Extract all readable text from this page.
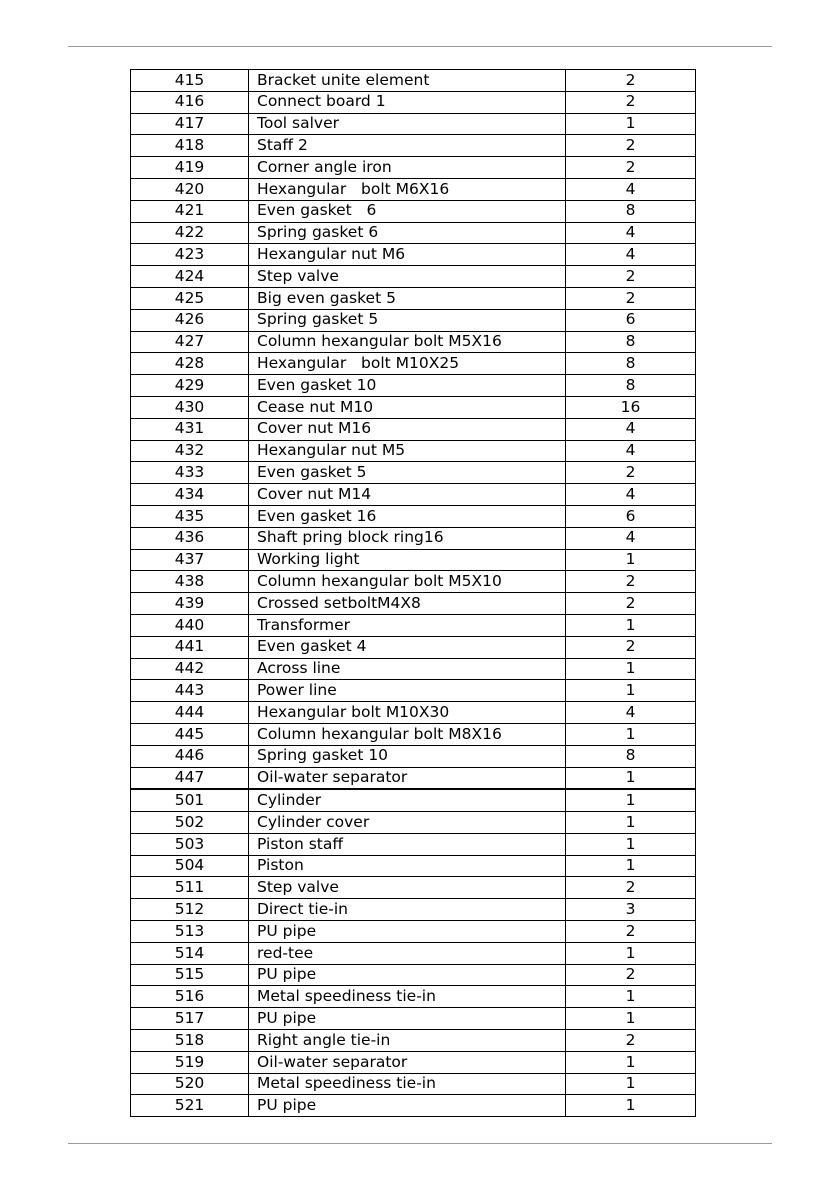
415	Bracket unite element	2
416	Connect board 1	2
417	Tool salver	1
418	Staff 2	2
419	Corner angle iron	2
420	Hexangular   bolt M6X16	4
421	Even gasket   6	8
422	Spring gasket 6	4
423	Hexangular nut M6	4
424	Step valve	2
425	Big even gasket 5	2
426	Spring gasket 5	6
427	Column hexangular bolt M5X16	8
428	Hexangular   bolt M10X25	8
429	Even gasket 10	8
430	Cease nut M10	16
431	Cover nut M16	4
432	Hexangular nut M5	4
433	Even gasket 5	2
434	Cover nut M14	4
435	Even gasket 16	6
436	Shaft pring block ring16	4
437	Working light	1
438	Column hexangular bolt M5X10	2
439	Crossed setboltM4X8	2
440	Transformer	1
441	Even gasket 4	2
442	Across line	1
443	Power line	1
444	Hexangular bolt M10X30	4
445	Column hexangular bolt M8X16	1
446	Spring gasket 10	8
447	Oil-water separator	1
501	Cylinder	1
502	Cylinder cover	1
503	Piston staff	1
504	Piston	1
511	Step valve	2
512	Direct tie-in	3
513	PU pipe	2
514	red-tee	1
515	PU pipe	2
516	Metal speediness tie-in	1
517	PU pipe	1
518	Right angle tie-in	2
519	Oil-water separator	1
520	Metal speediness tie-in	1
521	PU pipe	1
